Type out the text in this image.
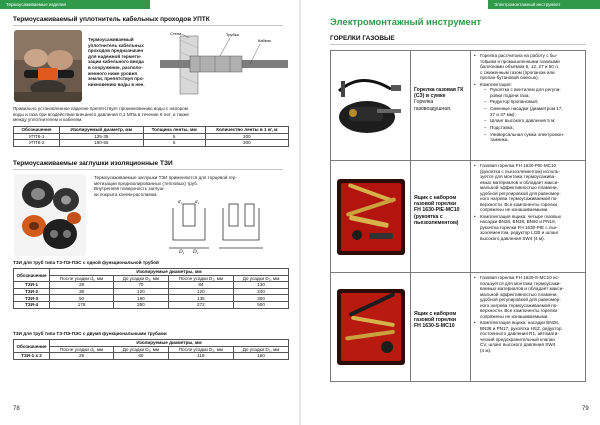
Термоусаживаемые изделия
Термоусаживаемый уплотнитель кабельных проходов УПТК
Термоусаживаемый
уплотнитель кабельных
проходов предназначен
для надежной гермети-
зации кабельного ввода
в сооружение, располо-
женного ниже уровня
земли, препятствуя про-
никновению воды в нее.
Стена
Кабель
Трубка
Правильно установленное изделие препятствует проникновению воды с напором
воды и газа при воздействии внешнего давления 0,1 МПа в течение 6 лет, а также
между уплотнителем и кабелем.
Обозначение	Изолируемый диаметр, мм	Толщина ленты, мм	Количество ленты в 1 кг, м
УПТК-1	135-35	5	300
УПТК-2	190-55	5	300
Термоусаживаемые заглушки изоляционные ТЗИ
Термоусаживаемые заглушки ТЗИ применяются для торцевой гер-
метизации предизолированных (тепловых) труб.
Внутренняя поверхность заглуш-
ки покрыта клеем-расплавом.
d₁	d₂
D₁ D₂
ТЗИ для труб типа ТЗ-ПЭ-ПЭС с одной функциональной трубой
Обозначение	Изолируемые диаметры, мм			
	После усадки d₁, мм	До усадки D₁, мм	После усадки D₂, мм	До усадки D₂, мм
ТЗИ-1	28	70	84	130
ТЗИ-2	38	120	120	240
ТЗИ-3	50	180	135	300
ТЗИ-4	178	350	272	500
ТЗИ для труб типа ТЗ-ПЭ-ПЭС с двумя функциональными трубами
Обозначение	Изолируемые диаметры, мм			
	После усадки d₁, мм	До усадки D₁, мм	После усадки D₂, мм	До усадки D₂, мм
ТЗИ-1 х 2	25	60	118	160
78
Электромонтажный инструмент
Электромонтажный инструмент
ГОРЕЛКИ ГАЗОВЫЕ
Горелка газовая ГК
(СЗ) в сумке
Горелка газовоздушная.
• Горелка рассчитана на работу с бы-
товыми и промышленными газовыми
баллонами объёмом 5, 12, 27 и 50 л.
с сжиженным газом (пропаном или
пропан-бутановой смесью).
• Комплектация:
– Рукоятка с вентилем для регули-
ровки подачи газа;
– Редуктор пропановый;
– Сменные насадки (диаметром 17,
27 и 37 мм);
– Шланг высокого давления 5 м;
– Подставка;
– Универсальная сумка электромон-
тажника.
Ящик с набором
газовой горелки
FH 1630-PIE-MC10
(рукоятка с
пьезоэлементом)
• Газовая горелка FH 1630-PIE-MC10
(рукоятка с пьезоэлементом) исполь-
зуется для монтажа термоусажива-
емых материалов и обладает макси-
мальной эффективностью пламени,
удобной регулировкой для равномер-
ного нагрева термоусаживаемой по-
верхности. Все компоненты горелки
сопряжены не изнашиваемыми.
• Комплектация ящика: четыре газовых
насадки BN28, BN38, BN50 и PN18,
рукоятка горелки FH 1630-PIE с пье-
зоэлементом, редуктор LGB и шланг
высокого давления SW4 (4 м).
Ящик с набором
газовой горелки
FH 1630-S-MC10
• Газовая горелка FH 1630-S-MC10 ис-
пользуется для монтажа термоусажи-
ваемых материалов и обладает макси-
мальной эффективностью пламени,
удобной регулировкой для равномер-
ного нагрева термоусаживаемой по-
верхности. Все компоненты горелки
сопряжены не изнашиваемыми.
• Комплектация ящика: насадки BN28,
BN38 и PN17, рукоятка HSZ, редуктор
постоянного давления R1, автомати-
ческий предохранительный клапан
CV, шланг высокого давления SW4
(4 м).
79
